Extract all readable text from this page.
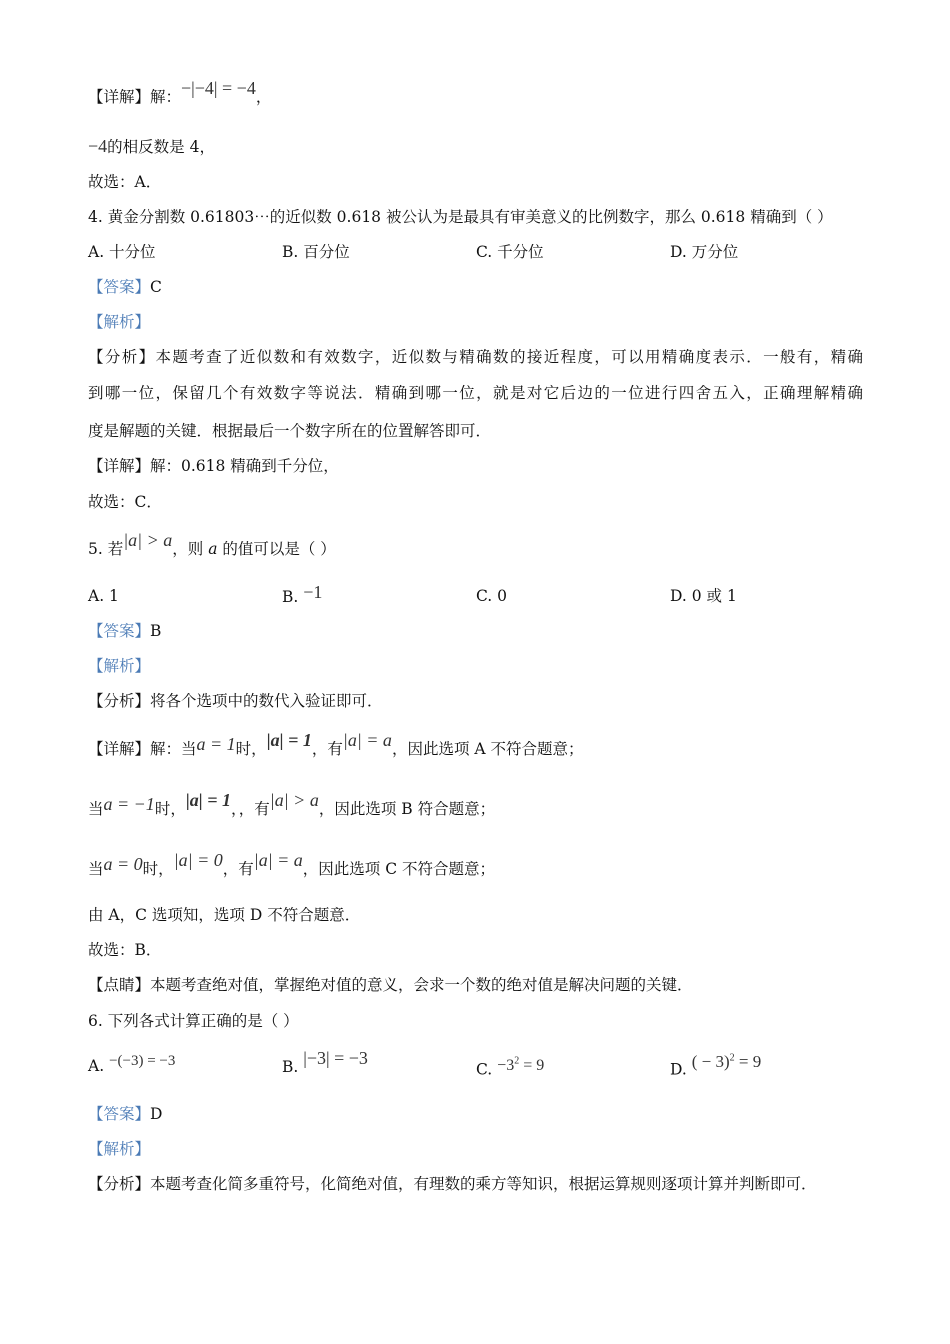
【详解】解：−|−4| = −4，
−4的相反数是 4，
故选：A．
4. 黄金分割数 0.61803⋯的近似数 0.618 被公认为是最具有审美意义的比例数字，那么 0.618 精确到（ ）
A. 十分位	B. 百分位	C. 千分位	D. 万分位
【答案】C
【解析】
【分析】本题考查了近似数和有效数字，近似数与精确数的接近程度，可以用精确度表示．一般有，精确
到哪一位，保留几个有效数字等说法．精确到哪一位，就是对它后边的一位进行四舍五入，正确理解精确
度是解题的关键．根据最后一个数字所在的位置解答即可．
【详解】解：0.618 精确到千分位，
故选：C．
5. 若|a| > a，则 a 的值可以是（ ）
A. 1	B. −1	C. 0	D. 0 或 1
【答案】B
【解析】
【分析】将各个选项中的数代入验证即可．
【详解】解：当a = 1时，|a| = 1，有|a| = a，因此选项 A 不符合题意；
当a = −1时，|a| = 1，，有|a| > a，因此选项 B 符合题意；
当a = 0时，|a| = 0，有|a| = a，因此选项 C 不符合题意；
由 A，C 选项知，选项 D 不符合题意．
故选：B．
【点睛】本题考查绝对值，掌握绝对值的意义，会求一个数的绝对值是解决问题的关键．
6. 下列各式计算正确的是（ ）
A. −(−3) = −3	B. |−3| = −3
C. $-3^2 = 9$	D. ( − 3)$^2$ = 9
【答案】D
【解析】
【分析】本题考查化简多重符号，化简绝对值，有理数的乘方等知识，根据运算规则逐项计算并判断即可．
